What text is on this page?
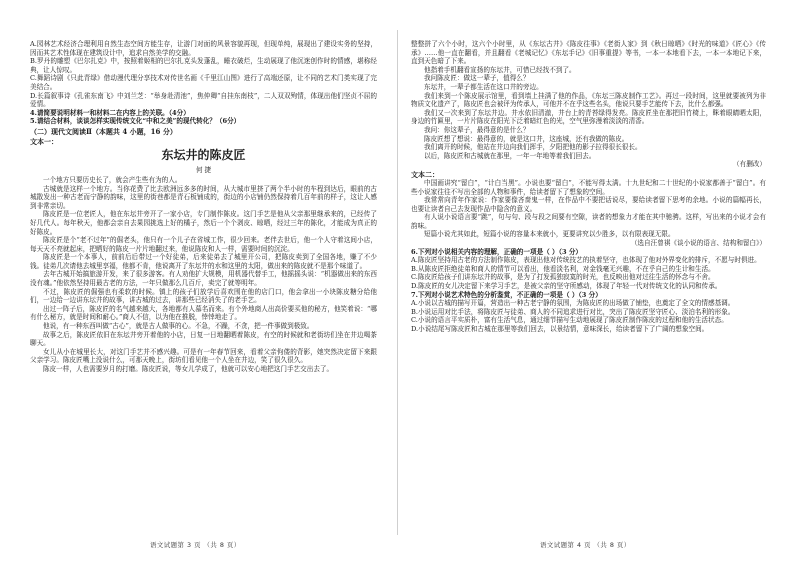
A.园林艺术经济合理利用自然生态空间方能生存，让游门对面的风景容貌再现，但现单纯，展现出了建设实务的坚持，因而其艺术性体现在建筑设计中，追求自然美学的交融。

B.罗丹的雕塑《巴尔扎克》中，按照着姬相的巴尔扎克头发蓬乱，睡衣破烂，生动展现了他沉迷创作时的情感，堪称经典，让人惊叹。

C.舞蹈诗剧《只此青绿》借动漫代理分享技术对传世名画《千里江山图》进行了高端还原，让不同的艺术门类实现了完美结合。

D.长篇叙事诗《孔雀东南飞》中刘兰芝：“举身赴清池”，焦仲卿“自挂东南枝”，二人双双殉情，体现出他们坚贞不屈的爱情。

4.请简要说明材料一和材料二在内容上的关联。（4分）

5.请结合材料，谈谈怎样实现传统文化“中和之美”的现代转化？（6分）

（二）现代文阅读Ⅱ（本题共 4 小题，16 分）

文本一：

东坛井的陈皮匠
何 捷

一个地方只要历史长了，就会产生些有为的人。

古城就是这样一个地方。当你花费了比去欧洲远多多的时间，从大城市里挤了两个半小时的车程到达后，眼前的古城散发出一种古老而宁静的韵味，这里的街巷都是青石板铺成的，街边的小店铺仍然保持着几百年前的样子，这让人感到非常亲切。

陈皮匠是一位老匠人，他在东坛井旁开了一家小店，专门制作陈皮。这门手艺是他从父亲那里继承来的，已经传了好几代人。每年秋天，他都会亲自去果园挑选上好的橘子，然后一个个剥皮、晾晒，经过三年的陈化，才能成为真正的好陈皮。

陈皮匠是个“老不过年”的倔老头，他只有一个儿子在省城工作，很少回来。老伴去世后，他一个人守着这间小店，每天天不亮就起床，把晒好的陈皮一片片地翻过来，他说陈皮和人一样，需要时间的沉淀。

陈皮匠是一个本事人，前前后后带过一个好徒弟，后来徒弟去了城里开公司，把陈皮卖到了全国各地，赚了不少钱。徒弟几次请他去城里享福，他都不肯，他说离开了东坛井的水和这里的太阳，做出来的陈皮就不是那个味道了。

去年古城开始搞旅游开发，来了很多游客。有人劝他扩大规模，用机器代替手工，他摇摇头说：“机器做出来的东西没有魂。”他依然坚持用最古老的方法，一年只做那么几百斤，卖完了就等明年。

不过，陈皮匠的倔强也有柔软的时候。镇上的孩子们放学后喜欢围在他的店门口，他会拿出一小块陈皮糖分给他们，一边给一边讲东坛井的故事，讲古城的过去，讲那些已经消失了的老手艺。

出过一阵子后，陈皮匠的名气越来越大，各地都有人慕名而来。有个外地商人出高价要买他的秘方，他笑着说：“哪有什么秘方，就是时间和耐心。”商人不信，以为他在推脱，悻悻地走了。

他说，有一种东西叫做“古心”，就是古人做事的心。不急，不躁，不贪，把一件事做到极致。

故事之后，陈皮匠依旧在东坛井旁开着他的小店，日复一日地翻晒着陈皮，有空的时候就和老街坊们坐在井边喝茶聊天。

女儿从小在城里长大，对这门手艺并不感兴趣。可是有一年春节回来，看着父亲佝偻的背影，她突然决定留下来跟父亲学习。陈皮匠嘴上没说什么，可那天晚上，街坊们看见他一个人坐在井边，笑了很久很久。

陈皮一样，人也需要岁月的打磨。陈皮匠说，等女儿学成了，他就可以安心地把这门手艺交出去了。

语文试题第 3 页 （共 8 页）

整整拼了六个小时，这六个小时里，从《东坛古井》《陈皮往事》《老街人家》到《秋日晾晒》《时光的味道》《匠心》《传承》……他一直在翻看，并且翻看《老城记忆》《东坛手记》《旧事重提》等书，一本一本地看下去，一本一本地记下来，直到天色暗了下来。

他指着手机翻看宣扬的东坛井，可惜已经找不到了。

我问陈皮匠：做这一辈子，值得么？

东坛井，一辈子都生活在这口井的旁边。

我们来到一个陈皮展示馆里，看到墙上挂满了他的作品，《东坛三陈皮制作工艺》。再过一段时间，这里就要被列为非物质文化遗产了，陈皮匠也会被评为传承人，可他并不在乎这些名头，他说只要手艺能传下去，比什么都强。

我们又一次来到了东坛井边。井水依旧清澈，井台上的青苔绿得发亮。陈皮匠坐在那把旧竹椅上，眯着眼睛晒太阳，身边的竹匾里，一片片陈皮在阳光下泛着暗红色的光，空气里弥漫着淡淡的清香。

我问：你这辈子，最得意的是什么？

陈皮匠想了想说：最得意的，就是这口井，这座城，还有我做的陈皮。

我们离开的时候，他站在井边向我们挥手，夕阳把他的影子拉得很长很长。

以后，陈皮匠和古城就在那里，一年一年地等着我们回去。

（有删改）

文本二：

中国画讲究“留白”，“计白当黑”。小说也要“留白”，不能写得太满。十九世纪和二十世纪的小说家都善于“留白”。有些小说家往往不写出全部的人物和事件，给读者留下了想象的空间。

我常常向青年作家说：作家要像吝啬鬼一样，在作品中不要把话说尽，要给读者留下思考的余地。小说的篇幅再长，也要让读者自己去发现作品中隐含的意义。

有人说小说语言要“跳”，句与句、段与段之间要有空隙，读者的想象力才能在其中驰骋。这样，写出来的小说才会有韵味。

短篇小说尤其如此，短篇小说的容量本来就小，更要讲究以少胜多，以有限表现无限。

（选自汪曾祺《谈小说的语言、结构和留白》）

6.下列对小说相关内容的理解，正确的一项是（ ）（3 分）

A.陈皮匠坚持用古老的方法制作陈皮，表现出他对传统技艺的执着坚守，也体现了他对外界变化的排斥，不愿与时俱进。

B.从陈皮匠拒绝徒弟和商人的情节可以看出，他看淡名利，对金钱毫无兴趣，不在乎自己的生计和生活。

C.陈皮匠给孩子们讲东坛井的故事，是为了打发孤独寂寞的时光，也反映出他对过往生活的怀念与不舍。

D.陈皮匠的女儿决定留下来学习手艺，是被父亲的坚守所感动，体现了年轻一代对传统文化的认同和传承。

7.下列对小说艺术特色的分析鉴赏，不正确的一项是（ ）（3 分）

A.小说以古城的描写开篇，营造出一种古老宁静的氛围，为陈皮匠的出场做了铺垫，也奠定了全文的情感基调。

B.小说运用对比手法，将陈皮匠与徒弟、商人的不同追求进行对比，突出了陈皮匠坚守匠心、淡泊名利的形象。

C.小说的语言平实质朴，富有生活气息，通过细节描写生动地展现了陈皮匠制作陈皮的过程和他的生活状态。

D.小说结尾写陈皮匠和古城在那里等我们回去，以景结情，意味深长，给读者留下了广阔的想象空间。

语文试题第 4 页 （共 8 页）
